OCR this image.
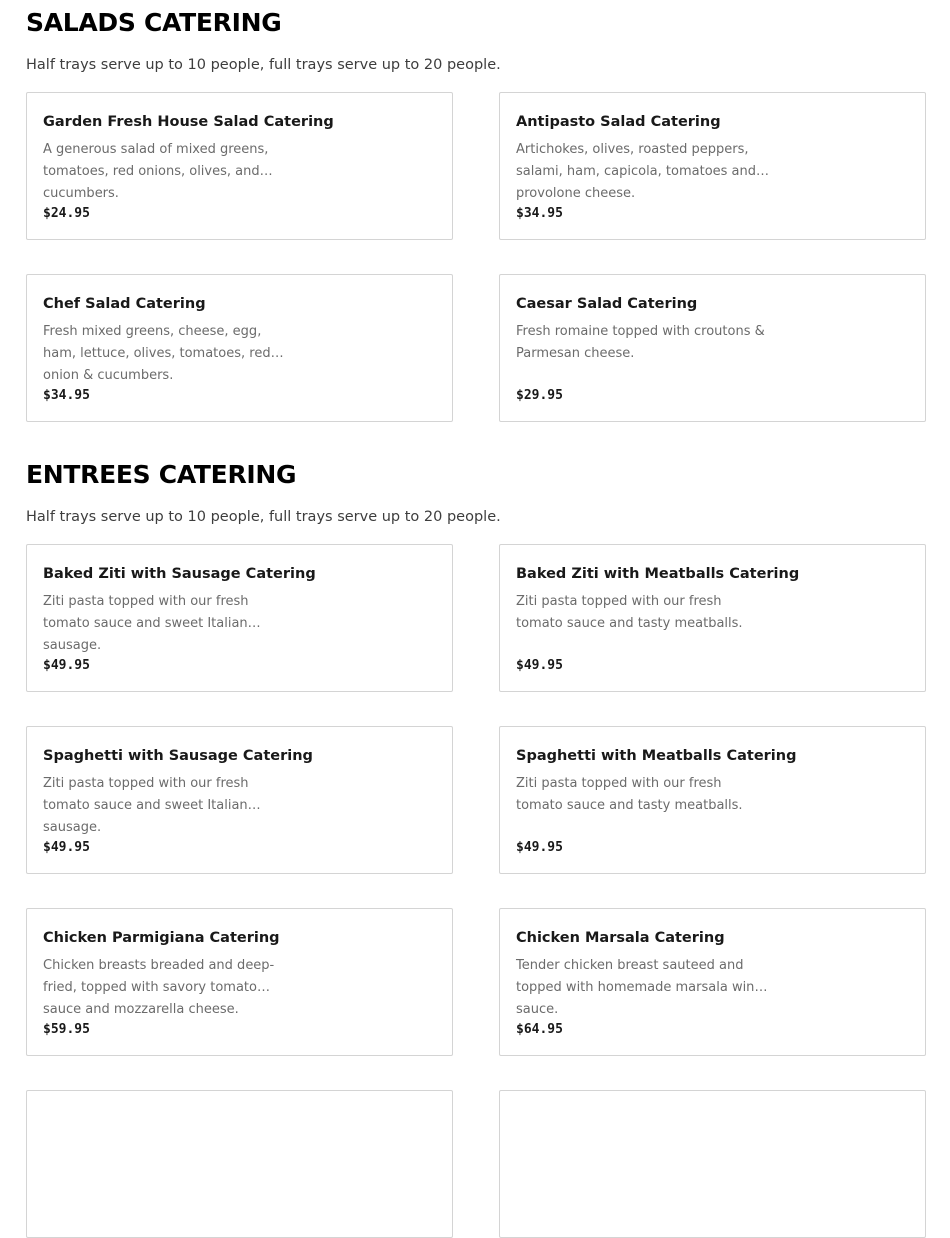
SALADS CATERING
Half trays serve up to 10 people, full trays serve up to 20 people.
Garden Fresh House Salad Catering
A generous salad of mixed greens, tomatoes, red onions, olives, and cucumbers.
$24.95
Antipasto Salad Catering
Artichokes, olives, roasted peppers, salami, ham, capicola, tomatoes and provolone cheese.
$34.95
Chef Salad Catering
Fresh mixed greens, cheese, egg, ham, lettuce, olives, tomatoes, red onion & cucumbers.
$34.95
Caesar Salad Catering
Fresh romaine topped with croutons & Parmesan cheese.
$29.95
ENTREES CATERING
Half trays serve up to 10 people, full trays serve up to 20 people.
Baked Ziti with Sausage Catering
Ziti pasta topped with our fresh tomato sauce and sweet Italian sausage.
$49.95
Baked Ziti with Meatballs Catering
Ziti pasta topped with our fresh tomato sauce and tasty meatballs.
$49.95
Spaghetti with Sausage Catering
Ziti pasta topped with our fresh tomato sauce and sweet Italian sausage.
$49.95
Spaghetti with Meatballs Catering
Ziti pasta topped with our fresh tomato sauce and tasty meatballs.
$49.95
Chicken Parmigiana Catering
Chicken breasts breaded and deep-fried, topped with savory tomato sauce and mozzarella cheese.
$59.95
Chicken Marsala Catering
Tender chicken breast sauteed and topped with homemade marsala wine sauce.
$64.95
